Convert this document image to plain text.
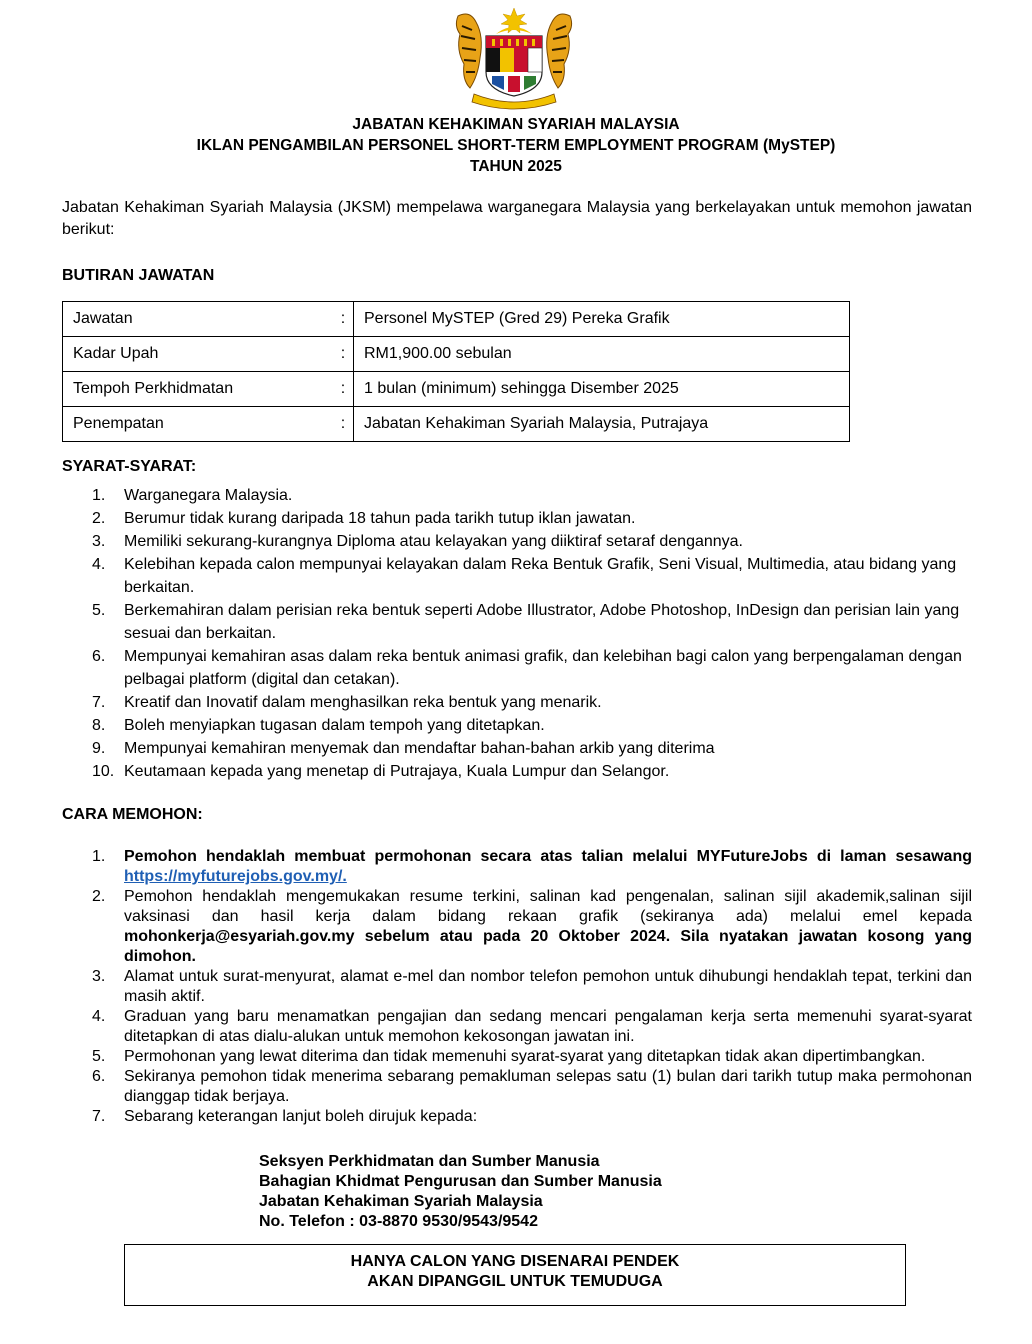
JABATAN KEHAKIMAN SYARIAH MALAYSIA
IKLAN PENGAMBILAN PERSONEL SHORT-TERM EMPLOYMENT PROGRAM (MySTEP)
TAHUN 2025
Jabatan Kehakiman Syariah Malaysia (JKSM) mempelawa warganegara Malaysia yang berkelayakan untuk memohon jawatan berikut:
BUTIRAN JAWATAN
Jawatan	:	Personel MySTEP (Gred 29) Pereka Grafik
Kadar Upah	:	RM1,900.00 sebulan
Tempoh Perkhidmatan	:	1 bulan (minimum) sehingga Disember 2025
Penempatan	:	Jabatan Kehakiman Syariah Malaysia, Putrajaya
SYARAT-SYARAT:
1.	Warganegara Malaysia.
2.	Berumur tidak kurang daripada 18 tahun pada tarikh tutup iklan jawatan.
3.	Memiliki sekurang-kurangnya Diploma atau kelayakan yang diiktiraf setaraf dengannya.
4.	Kelebihan kepada calon mempunyai kelayakan dalam Reka Bentuk Grafik, Seni Visual, Multimedia, atau bidang yang berkaitan.
5.	Berkemahiran dalam perisian reka bentuk seperti Adobe Illustrator, Adobe Photoshop, InDesign dan perisian lain yang sesuai dan berkaitan.
6.	Mempunyai kemahiran asas dalam reka bentuk animasi grafik, dan kelebihan bagi calon yang berpengalaman dengan pelbagai platform (digital dan cetakan).
7.	Kreatif dan Inovatif dalam menghasilkan reka bentuk yang menarik.
8.	Boleh menyiapkan tugasan dalam tempoh yang ditetapkan.
9.	Mempunyai kemahiran menyemak dan mendaftar bahan-bahan arkib yang diterima
10. Keutamaan kepada yang menetap di Putrajaya, Kuala Lumpur dan Selangor.
CARA MEMOHON:
1.	Pemohon hendaklah membuat permohonan secara atas talian melalui MYFutureJobs di laman sesawang https://myfuturejobs.gov.my/.
2.	Pemohon hendaklah mengemukakan resume terkini, salinan kad pengenalan, salinan sijil akademik,salinan sijil vaksinasi dan hasil kerja dalam bidang rekaan grafik (sekiranya ada) melalui emel kepada mohonkerja@esyariah.gov.my sebelum atau pada 20 Oktober 2024. Sila nyatakan jawatan kosong yang dimohon.
3.	Alamat untuk surat-menyurat, alamat e-mel dan nombor telefon pemohon untuk dihubungi hendaklah tepat, terkini dan masih aktif.
4.	Graduan yang baru menamatkan pengajian dan sedang mencari pengalaman kerja serta memenuhi syarat-syarat ditetapkan di atas dialu-alukan untuk memohon kekosongan jawatan ini.
5.	Permohonan yang lewat diterima dan tidak memenuhi syarat-syarat yang ditetapkan tidak akan dipertimbangkan.
6.	Sekiranya pemohon tidak menerima sebarang pemakluman selepas satu (1) bulan dari tarikh tutup maka permohonan dianggap tidak berjaya.
7.	Sebarang keterangan lanjut boleh dirujuk kepada:
Seksyen Perkhidmatan dan Sumber Manusia
Bahagian Khidmat Pengurusan dan Sumber Manusia
Jabatan Kehakiman Syariah Malaysia
No. Telefon : 03-8870 9530/9543/9542
HANYA CALON YANG DISENARAI PENDEK
AKAN DIPANGGIL UNTUK TEMUDUGA
